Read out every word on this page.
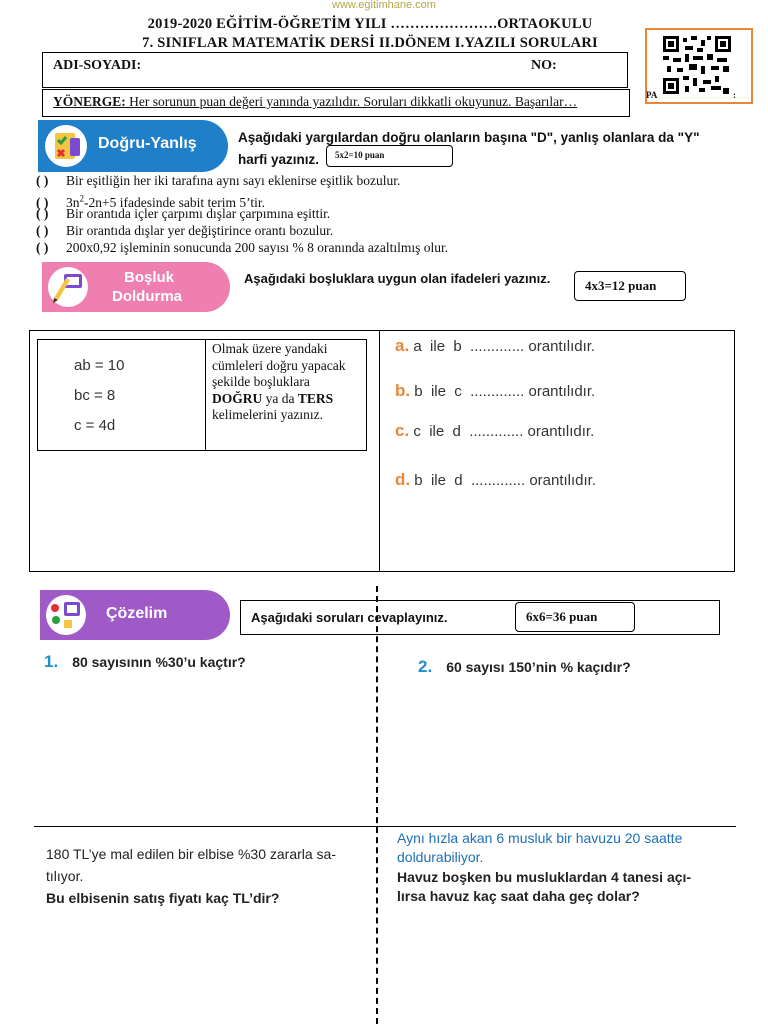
www.egitimhane.com
2019-2020 EĞİTİM-ÖĞRETİM YILI ………………….ORTAOKULU
7. SINIFLAR MATEMATİK DERSİ II.DÖNEM I.YAZILI SORULARI
ADI-SOYADI:	NO:
YÖNERGE: Her sorunun puan değeri yanında yazılıdır. Soruları dikkatli okuyunuz. Başarılar…	PA	:
Doğru-Yanlış	Aşağıdaki yargılardan doğru olanların başına "D", yanlış olanlara da "Y"
harfi yazınız. 5x2=10 puan
( ) Bir eşitliğin her iki tarafına aynı sayı eklenirse eşitlik bozulur.
( ) $3n^2-2n+5$ ifadesinde sabit terim 5’tir.
( ) Bir orantıda içler çarpımı dışlar çarpımına eşittir.
( ) Bir orantıda dışlar yer değiştirince orantı bozulur.
( ) 200x0,92 işleminin sonucunda 200 sayısı % 8 oranında azaltılmış olur.
Boşluk
Doldurma
Aşağıdaki boşluklara uygun olan ifadeleri yazınız.	4x3=12 puan
ab = 10
bc = 8
c = 4d
Olmak üzere yandaki
cümleleri doğru yapacak
şekilde boşluklara
DOĞRU ya da TERS
kelimelerini yazınız.
a. a  ile  b  ............. orantılıdır.
b. b  ile  c  ............. orantılıdır.
c. c  ile  d  ............. orantılıdır.
d. b  ile  d  ............. orantılıdır.
Çözelim	Aşağıdaki soruları cevaplayınız.	6x6=36 puan
1. 80 sayısının %30’u kaçtır?	2. 60 sayısı 150’nin % kaçıdır?
180 TL’ye mal edilen bir elbise %30 zararla sa-
tılıyor.
Bu elbisenin satış fiyatı kaç TL’dir?
Aynı hızla akan 6 musluk bir havuzu 20 saatte
doldurabiliyor.
Havuz boşken bu musluklardan 4 tanesi açı-
lırsa havuz kaç saat daha geç dolar?
